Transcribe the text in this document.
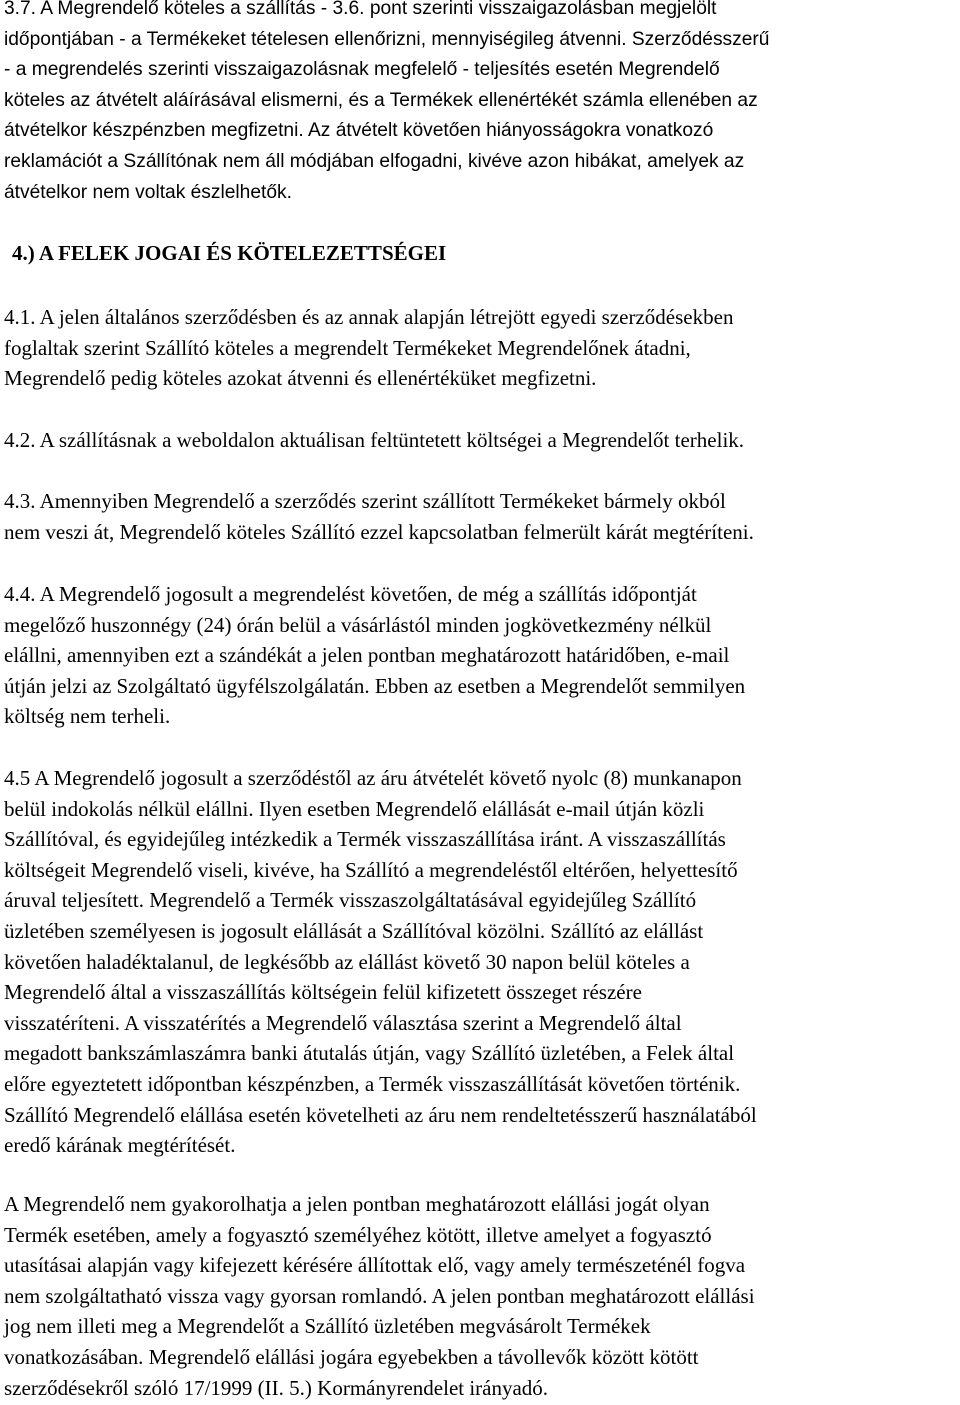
3.7. A Megrendelő köteles a szállítás - 3.6. pont szerinti visszaigazolásban megjelölt
időpontjában - a Termékeket tételesen ellenőrizni, mennyiségileg átvenni. Szerződésszerű
- a megrendelés szerinti visszaigazolásnak megfelelő - teljesítés esetén Megrendelő
köteles az átvételt aláírásával elismerni, és a Termékek ellenértékét számla ellenében az
átvételkor készpénzben megfizetni. Az átvételt követően hiányosságokra vonatkozó
reklamációt a Szállítónak nem áll módjában elfogadni, kivéve azon hibákat, amelyek az
átvételkor nem voltak észlelhetők.
4.) A FELEK JOGAI ÉS KÖTELEZETTSÉGEI
4.1. A jelen általános szerződésben és az annak alapján létrejött egyedi szerződésekben
foglaltak szerint Szállító köteles a megrendelt Termékeket Megrendelőnek átadni,
Megrendelő pedig köteles azokat átvenni és ellenértéküket megfizetni.
4.2. A szállításnak a weboldalon aktuálisan feltüntetett költségei a Megrendelőt terhelik.
4.3. Amennyiben Megrendelő a szerződés szerint szállított Termékeket bármely okból
nem veszi át, Megrendelő köteles Szállító ezzel kapcsolatban felmerült kárát megtéríteni.
4.4. A Megrendelő jogosult a megrendelést követően, de még a szállítás időpontját
megelőző huszonnégy (24) órán belül a vásárlástól minden jogkövetkezmény nélkül
elállni, amennyiben ezt a szándékát a jelen pontban meghatározott határidőben, e-mail
útján jelzi az Szolgáltató ügyfélszolgálatán. Ebben az esetben a Megrendelőt semmilyen
költség nem terheli.
4.5 A Megrendelő jogosult a szerződéstől az áru átvételét követő nyolc (8) munkanapon
belül indokolás nélkül elállni. Ilyen esetben Megrendelő elállását e-mail útján közli
Szállítóval, és egyidejűleg intézkedik a Termék visszaszállítása iránt. A visszaszállítás
költségeit Megrendelő viseli, kivéve, ha Szállító a megrendeléstől eltérően, helyettesítő
áruval teljesített. Megrendelő a Termék visszaszolgáltatásával egyidejűleg Szállító
üzletében személyesen is jogosult elállását a Szállítóval közölni. Szállító az elállást
követően haladéktalanul, de legkésőbb az elállást követő 30 napon belül köteles a
Megrendelő által a visszaszállítás költségein felül kifizetett összeget részére
visszatéríteni. A visszatérítés a Megrendelő választása szerint a Megrendelő által
megadott bankszámlaszámra banki átutalás útján, vagy Szállító üzletében, a Felek által
előre egyeztetett időpontban készpénzben, a Termék visszaszállítását követően történik.
Szállító Megrendelő elállása esetén követelheti az áru nem rendeltetésszerű használatából
eredő kárának megtérítését.
A Megrendelő nem gyakorolhatja a jelen pontban meghatározott elállási jogát olyan
Termék esetében, amely a fogyasztó személyéhez kötött, illetve amelyet a fogyasztó
utasításai alapján vagy kifejezett kérésére állítottak elő, vagy amely természeténél fogva
nem szolgáltatható vissza vagy gyorsan romlandó. A jelen pontban meghatározott elállási
jog nem illeti meg a Megrendelőt a Szállító üzletében megvásárolt Termékek
vonatkozásában. Megrendelő elállási jogára egyebekben a távollevők között kötött
szerződésekről szóló 17/1999 (II. 5.) Kormányrendelet irányadó.
